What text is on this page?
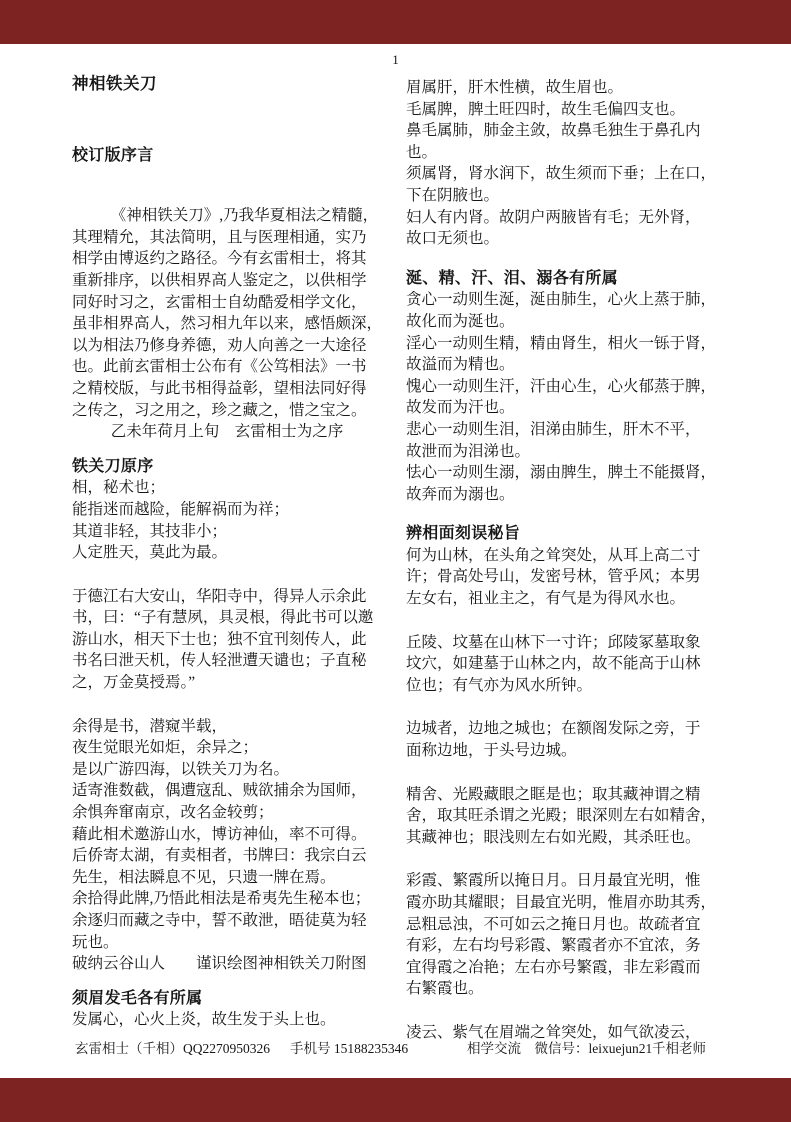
1
神相铁关刀
校订版序言
《神相铁关刀》,乃我华夏相法之精髓，
其理精允，其法简明，且与医理相通，实乃
相学由博返约之路径。今有玄雷相士，将其
重新排序，以供相界高人鉴定之，以供相学
同好时习之，玄雷相士自幼酷爱相学文化，
虽非相界高人，然习相九年以来，感悟颇深，
以为相法乃修身养德，劝人向善之一大途径
也。此前玄雷相士公布有《公笃相法》一书
之精校版，与此书相得益彰，望相法同好得
之传之，习之用之，珍之藏之，惜之宝之。
乙未年荷月上旬　玄雷相士为之序
铁关刀原序
相，秘术也；
能指迷而越险，能解祸而为祥；
其道非轻，其技非小；
人定胜天，莫此为最。
于德江右大安山，华阳寺中，得异人示余此
书，曰：“子有慧夙，具灵根，得此书可以邀
游山水，相天下士也；独不宜刊刻传人，此
书名曰泄天机，传人轻泄遭天谴也；子直秘
之，万金莫授焉。”
余得是书，潜窥半载，
夜生觉眼光如炬，余异之；
是以广游四海，以铁关刀为名。
适寄淮数截，偶遭寇乱、贼欲捕余为国师，
余惧奔窜南京，改名金较剪；
藉此相术邀游山水，博访神仙，率不可得。
后侨寄太湖，有卖相者，书牌曰：我宗白云
先生，相法瞬息不见，只遗一牌在焉。
余拾得此牌,乃悟此相法是希夷先生秘本也；
余逐归而藏之寺中，誓不敢泄，晤徒莫为轻
玩也。
破纳云谷山人　　谨识绘图神相铁关刀附图
须眉发毛各有所属
发属心，心火上炎，故生发于头上也。
眉属肝，肝木性横，故生眉也。
毛属脾，脾土旺四时，故生毛偏四支也。
鼻毛属肺，肺金主敛，故鼻毛独生于鼻孔内
也。
须属肾，肾水润下，故生须而下垂；上在口，
下在阴腋也。
妇人有内肾。故阴户两腋皆有毛；无外肾，
故口无须也。
涎、精、汗、泪、溺各有所属
贪心一动则生涎，涎由肺生，心火上蒸于肺，
故化而为涎也。
淫心一动则生精，精由肾生，相火一铄于肾，
故溢而为精也。
愧心一动则生汗，汗由心生，心火郁蒸于脾，
故发而为汗也。
悲心一动则生泪，泪涕由肺生，肝木不平，
故泄而为泪涕也。
怯心一动则生溺，溺由脾生，脾土不能摄肾，
故奔而为溺也。
辨相面刻误秘旨
何为山林，在头角之耸突处，从耳上高二寸
许；骨高处号山，发密号林，管乎风；本男
左女右，祖业主之，有气是为得风水也。
丘陵、坟墓在山林下一寸许；邱陵冢墓取象
坟穴，如建墓于山林之内，故不能高于山林
位也；有气亦为风水所钟。
边城者，边地之城也；在额阁发际之旁，于
面称边地，于头号边城。
精舍、光殿藏眼之眶是也；取其藏神谓之精
舍，取其旺杀谓之光殿；眼深则左右如精舍，
其藏神也；眼浅则左右如光殿，其杀旺也。
彩霞、繁霞所以掩日月。日月最宜光明，惟
霞亦助其耀眼；目最宜光明，惟眉亦助其秀，
忌粗忌浊，不可如云之掩日月也。故疏者宜
有彩，左右均号彩霞、繁霞者亦不宜浓，务
宜得霞之冶艳；左右亦号繁霞，非左彩霞而
右繁霞也。
凌云、紫气在眉端之耸突处，如气欲凌云，
玄雷相士（千相）QQ2270950326 手机号 15188235346	相学交流　微信号：leixuejun21 千相老师
